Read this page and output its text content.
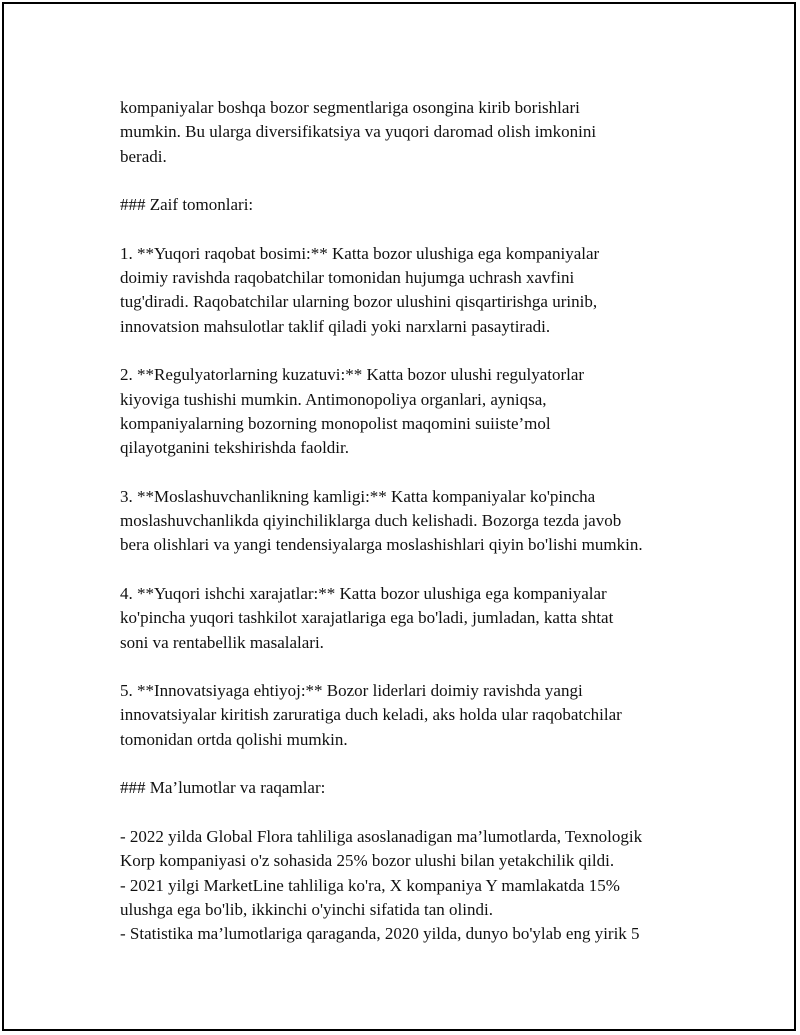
kompaniyalar boshqa bozor segmentlariga osongina kirib borishlari
mumkin. Bu ularga diversifikatsiya va yuqori daromad olish imkonini
beradi.
### Zaif tomonlari:
1. **Yuqori raqobat bosimi:** Katta bozor ulushiga ega kompaniyalar
doimiy ravishda raqobatchilar tomonidan hujumga uchrash xavfini
tug'diradi. Raqobatchilar ularning bozor ulushini qisqartirishga urinib,
innovatsion mahsulotlar taklif qiladi yoki narxlarni pasaytiradi.
2. **Regulyatorlarning kuzatuvi:** Katta bozor ulushi regulyatorlar
kiyoviga tushishi mumkin. Antimonopoliya organlari, ayniqsa,
kompaniyalarning bozorning monopolist maqomini suiiste’mol
qilayotganini tekshirishda faoldir.
3. **Moslashuvchanlikning kamligi:** Katta kompaniyalar ko'pincha
moslashuvchanlikda qiyinchiliklarga duch kelishadi. Bozorga tezda javob
bera olishlari va yangi tendensiyalarga moslashishlari qiyin bo'lishi mumkin.
4. **Yuqori ishchi xarajatlar:** Katta bozor ulushiga ega kompaniyalar
ko'pincha yuqori tashkilot xarajatlariga ega bo'ladi, jumladan, katta shtat
soni va rentabellik masalalari.
5. **Innovatsiyaga ehtiyoj:** Bozor liderlari doimiy ravishda yangi
innovatsiyalar kiritish zaruratiga duch keladi, aks holda ular raqobatchilar
tomonidan ortda qolishi mumkin.
### Ma’lumotlar va raqamlar:
- 2022 yilda Global Flora tahliliga asoslanadigan ma’lumotlarda, Texnologik
Korp kompaniyasi o'z sohasida 25% bozor ulushi bilan yetakchilik qildi.
- 2021 yilgi MarketLine tahliliga ko'ra, X kompaniya Y mamlakatda 15%
ulushga ega bo'lib, ikkinchi o'yinchi sifatida tan olindi.
- Statistika ma’lumotlariga qaraganda, 2020 yilda, dunyo bo'ylab eng yirik 5
